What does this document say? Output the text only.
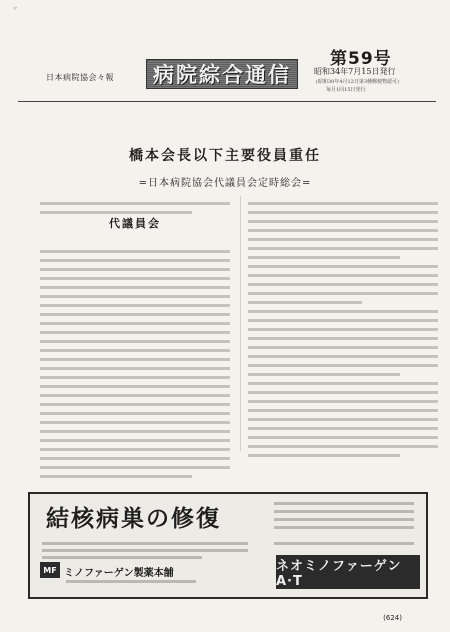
〃
日本病院協会々報 病院綜合通信
第59号
昭和34年7月15日発行
(昭和30年4月12日第3種郵便物認可)
毎月1回15日発行
橋本会長以下主要役員重任
=日本病院協会代議員会定時総会=
代議員会
結核病巣の修復
MF ミノファーゲン製薬本舗	ネオミノファーゲンA·T
(624)
